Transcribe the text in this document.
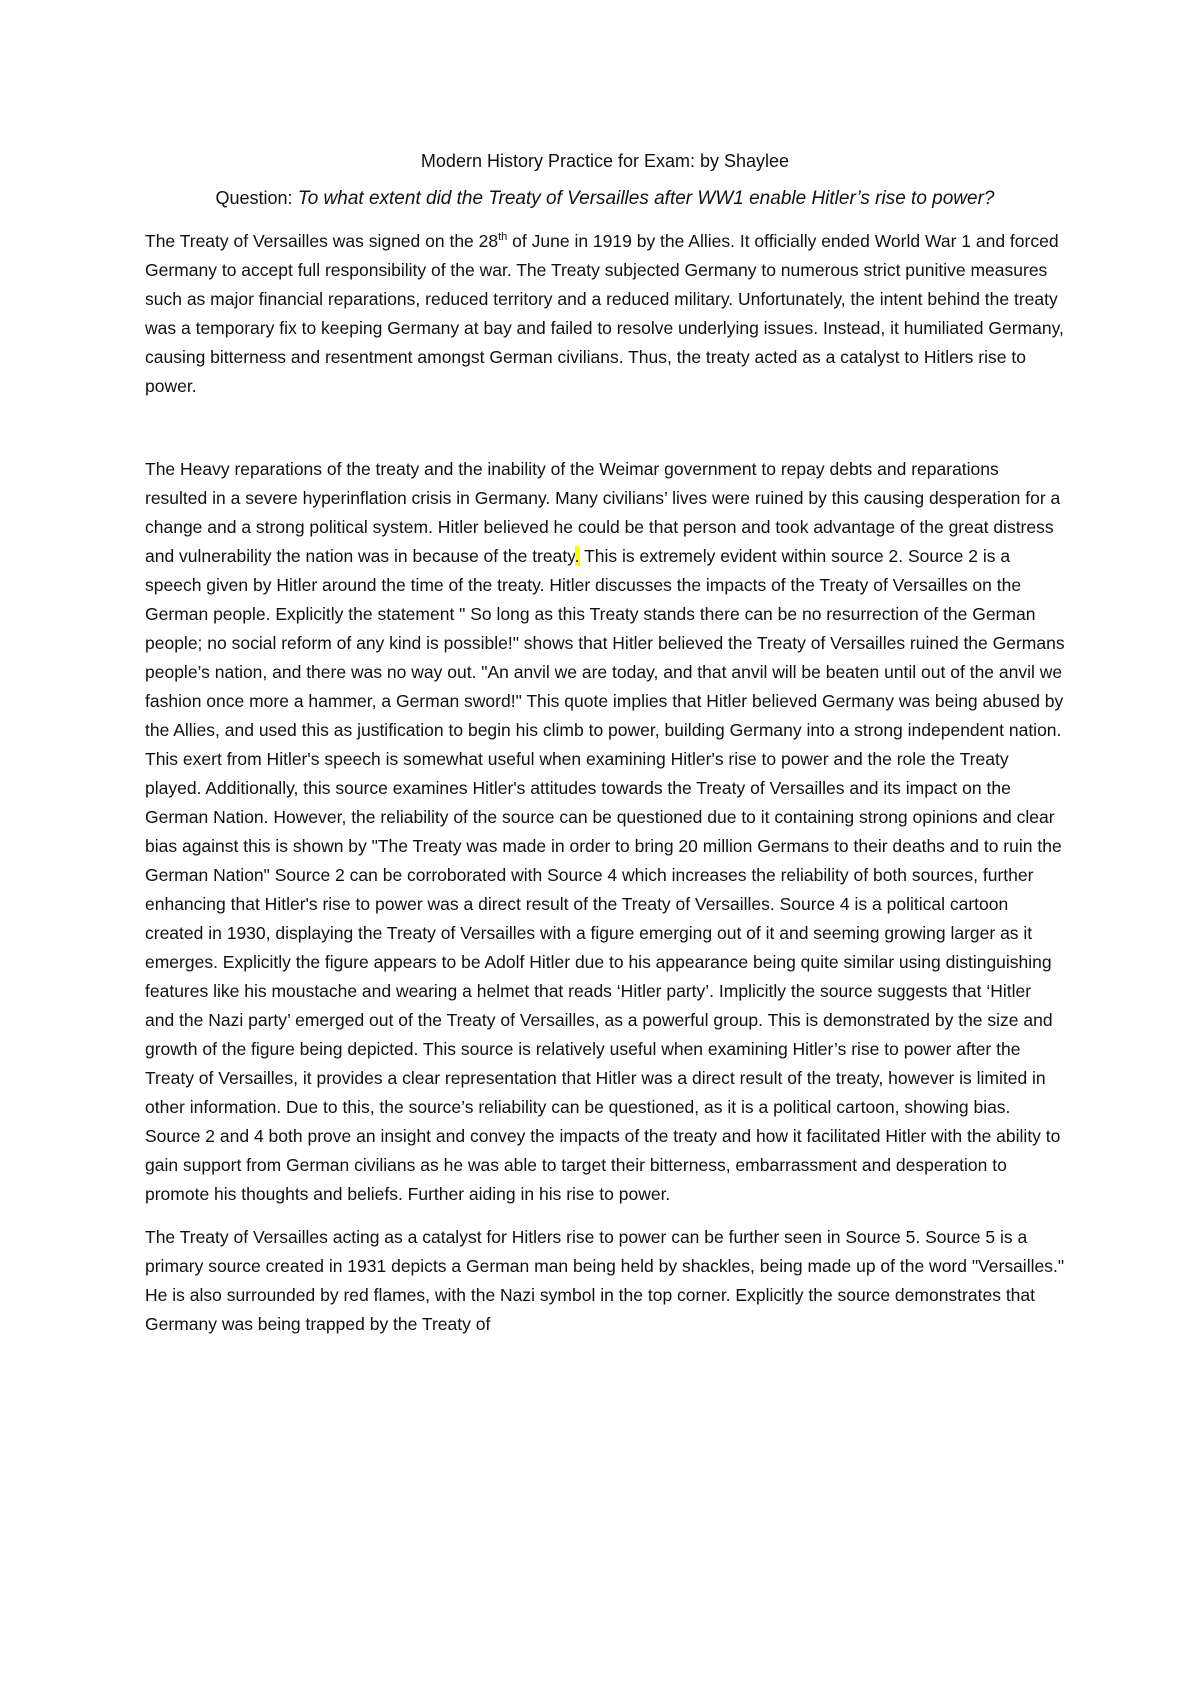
Modern History Practice for Exam: by Shaylee

Question: To what extent did the Treaty of Versailles after WW1 enable Hitler’s rise to power?

The Treaty of Versailles was signed on the 28th of June in 1919 by the Allies. It officially ended World War 1 and forced Germany to accept full responsibility of the war. The Treaty subjected Germany to numerous strict punitive measures such as major financial reparations, reduced territory and a reduced military. Unfortunately, the intent behind the treaty was a temporary fix to keeping Germany at bay and failed to resolve underlying issues. Instead, it humiliated Germany, causing bitterness and resentment amongst German civilians. Thus, the treaty acted as a catalyst to Hitlers rise to power.

The Heavy reparations of the treaty and the inability of the Weimar government to repay debts and reparations resulted in a severe hyperinflation crisis in Germany. Many civilians’ lives were ruined by this causing desperation for a change and a strong political system. Hitler believed he could be that person and took advantage of the great distress and vulnerability the nation was in because of the treaty. This is extremely evident within source 2. Source 2 is a speech given by Hitler around the time of the treaty. Hitler discusses the impacts of the Treaty of Versailles on the German people. Explicitly the statement " So long as this Treaty stands there can be no resurrection of the German people; no social reform of any kind is possible!" shows that Hitler believed the Treaty of Versailles ruined the Germans people’s nation, and there was no way out. "An anvil we are today, and that anvil will be beaten until out of the anvil we fashion once more a hammer, a German sword!" This quote implies that Hitler believed Germany was being abused by the Allies, and used this as justification to begin his climb to power, building Germany into a strong independent nation. This exert from Hitler's speech is somewhat useful when examining Hitler's rise to power and the role the Treaty played. Additionally, this source examines Hitler's attitudes towards the Treaty of Versailles and its impact on the German Nation. However, the reliability of the source can be questioned due to it containing strong opinions and clear bias against this is shown by "The Treaty was made in order to bring 20 million Germans to their deaths and to ruin the German Nation" Source 2 can be corroborated with Source 4 which increases the reliability of both sources, further enhancing that Hitler's rise to power was a direct result of the Treaty of Versailles. Source 4 is a political cartoon created in 1930, displaying the Treaty of Versailles with a figure emerging out of it and seeming growing larger as it emerges. Explicitly the figure appears to be Adolf Hitler due to his appearance being quite similar using distinguishing features like his moustache and wearing a helmet that reads ‘Hitler party’. Implicitly the source suggests that ‘Hitler and the Nazi party’ emerged out of the Treaty of Versailles, as a powerful group. This is demonstrated by the size and growth of the figure being depicted. This source is relatively useful when examining Hitler’s rise to power after the Treaty of Versailles, it provides a clear representation that Hitler was a direct result of the treaty, however is limited in other information. Due to this, the source’s reliability can be questioned, as it is a political cartoon, showing bias.

Source 2 and 4 both prove an insight and convey the impacts of the treaty and how it facilitated Hitler with the ability to gain support from German civilians as he was able to target their bitterness, embarrassment and desperation to promote his thoughts and beliefs. Further aiding in his rise to power.

The Treaty of Versailles acting as a catalyst for Hitlers rise to power can be further seen in Source 5. Source 5 is a primary source created in 1931 depicts a German man being held by shackles, being made up of the word "Versailles." He is also surrounded by red flames, with the Nazi symbol in the top corner. Explicitly the source demonstrates that Germany was being trapped by the Treaty of
